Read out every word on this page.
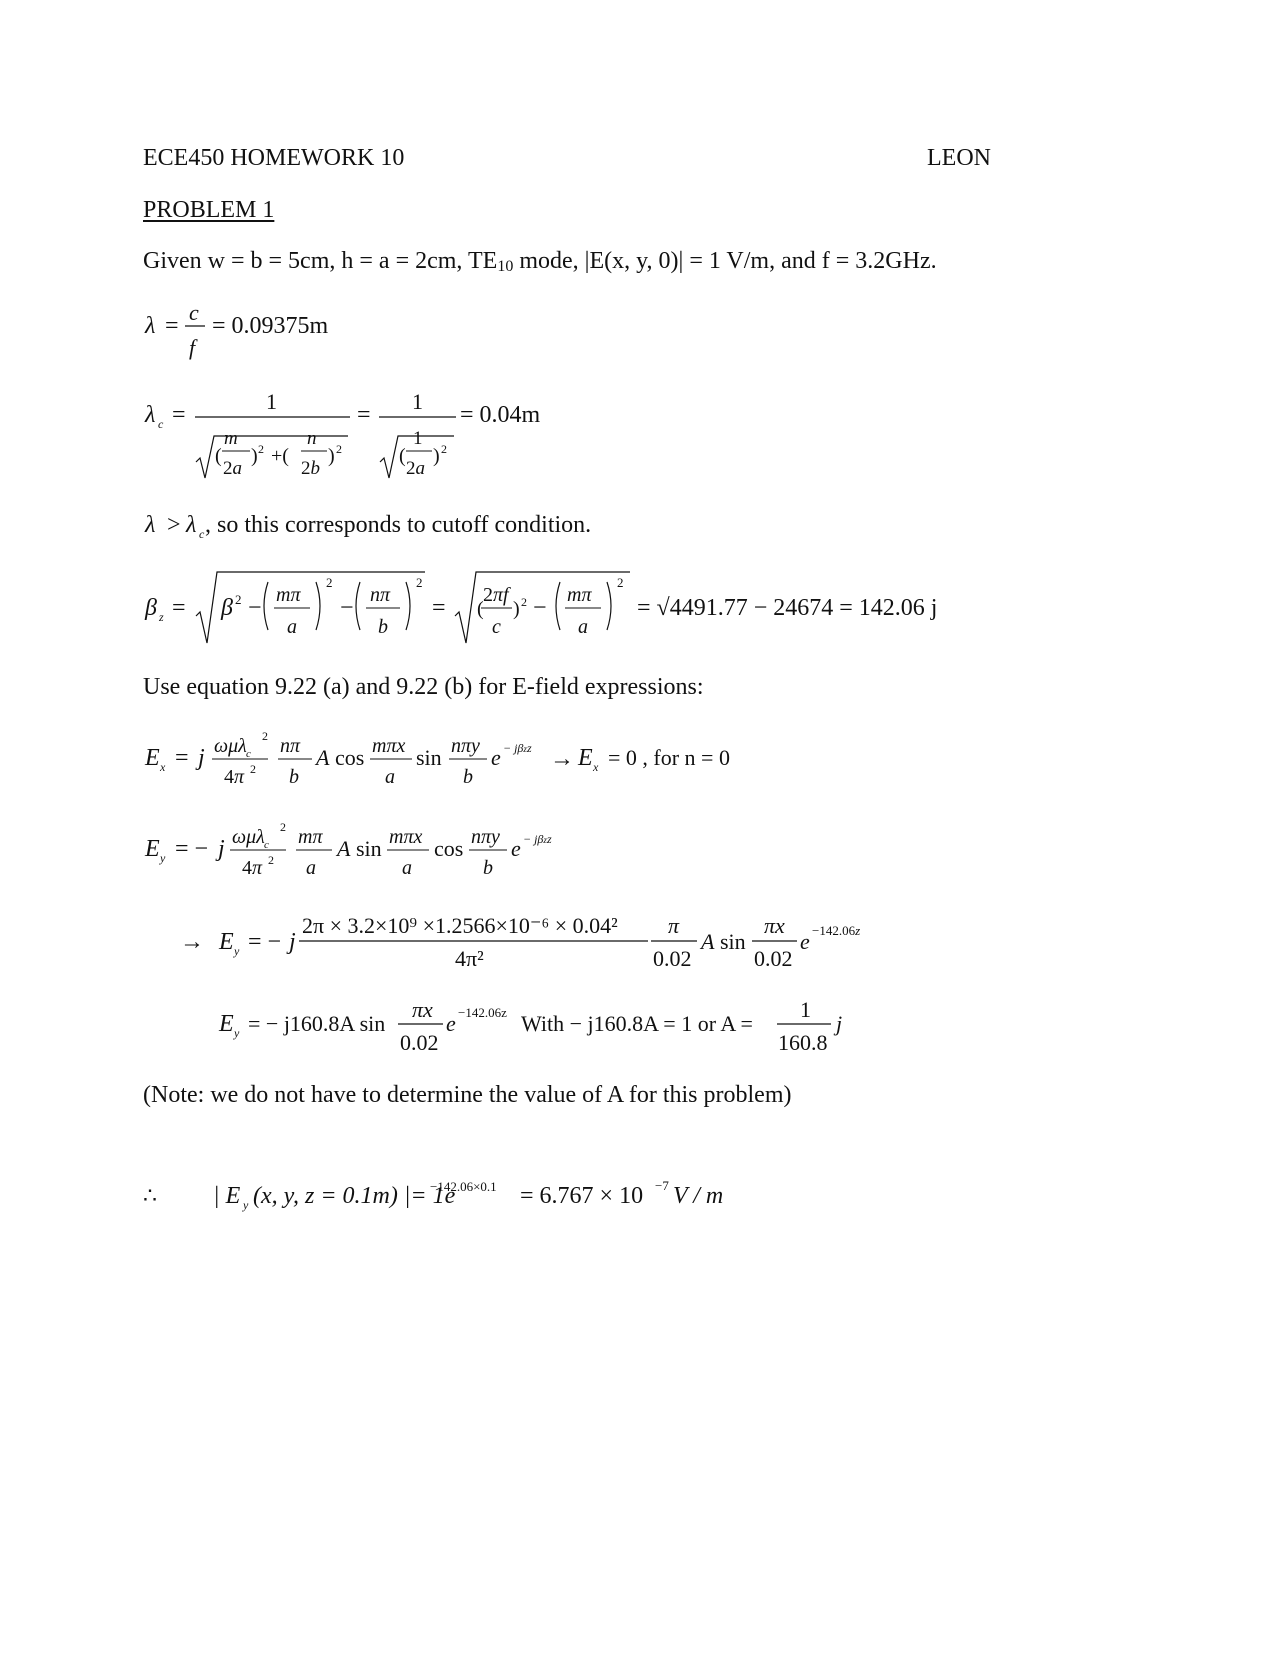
ECE450 HOMEWORK 10	LEON
PROBLEM 1
Given w = b = 5cm, h = a = 2cm, TE10 mode, |E(x, y, 0)| = 1 V/m, and f = 3.2GHz.
λ =
c
f
= 0.09375m
λ c =
1
(
m
2a
) 2 +(
n
2b
) 2
=
1
(
1
2a
) 2
= 0.04m
λ > λ c , so this corresponds to cutoff condition.
β z = β 2 − mπ
a
2
− nπ
b
2
= (
2πf
c
) 2 − mπ
a
2
= √4491.77 − 24674 = 142.06 j
Use equation 9.22 (a) and 9.22 (b) for E-field expressions:
E x = j ωμλ c
2
4π 2
nπ
b
A cos mπx
a
sin nπy
b
e − jβzz → E x = 0 , for n = 0
E y = − j ωμλ c
2
4π 2
mπ
a
A sin mπx
a
cos nπy
b
e − jβzz
→ E y = − j
2π × 3.2×10⁹ ×1.2566×10⁻⁶ × 0.04²
4π²
π
0.02
A sin
πx
0.02
e −142.06z
E y = − j160.8A sin
πx
0.02
e −142.06z With − j160.8A = 1 or A =
1
160.8
j
(Note: we do not have to determine the value of A for this problem)
∴ | E y (x, y, z = 0.1m) |= 1e
−142.06×0.1 = 6.767 × 10 −7 V / m
